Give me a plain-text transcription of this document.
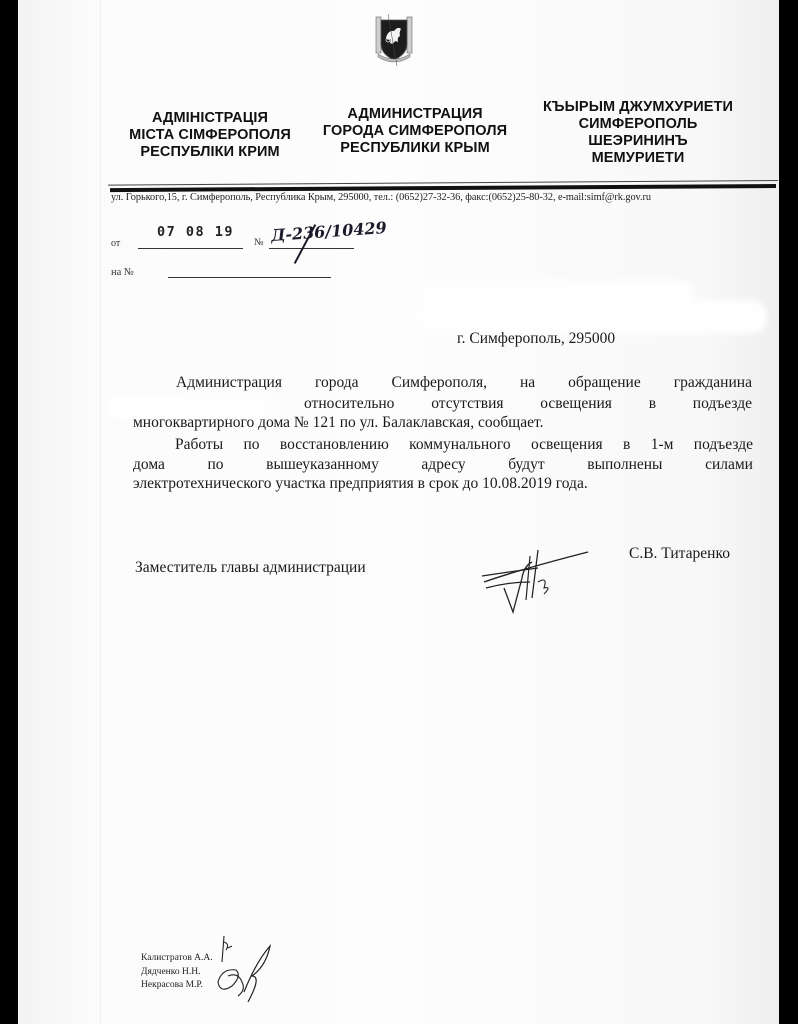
АДМІНІСТРАЦІЯ
МІСТА СІМФЕРОПОЛЯ
РЕСПУБЛІКИ КРИМ
АДМИНИСТРАЦИЯ
ГОРОДА СИМФЕРОПОЛЯ
РЕСПУБЛИКИ КРЫМ
КЪЫРЫМ ДЖУМХУРИЕТИ
СИМФЕРОПОЛЬ
ШЕЭРИНИНЪ
МЕМУРИЕТИ
ул. Горького,15, г. Симферополь, Республика Крым, 295000, тел.: (0652)27-32-36, факс:(0652)25-80-32, e-mail:simf@rk.gov.ru
от
07 08 19
№ Д-236/10429
на №
г. Симферополь, 295000
Администрация города Симферополя, на обращение гражданина
относительно отсутствия освещения в подъезде
многоквартирного дома № 121 по ул. Балаклавская, сообщает.
Работы по восстановлению коммунального освещения в 1-м подъезде
дома	по	вышеуказанному	адресу	будут	выполнены	силами
электротехнического участка предприятия в срок до 10.08.2019 года.
Заместитель главы администрации
С.В. Титаренко
Калистратов А.А.
Дядченко Н.Н.
Некрасова М.Р.
